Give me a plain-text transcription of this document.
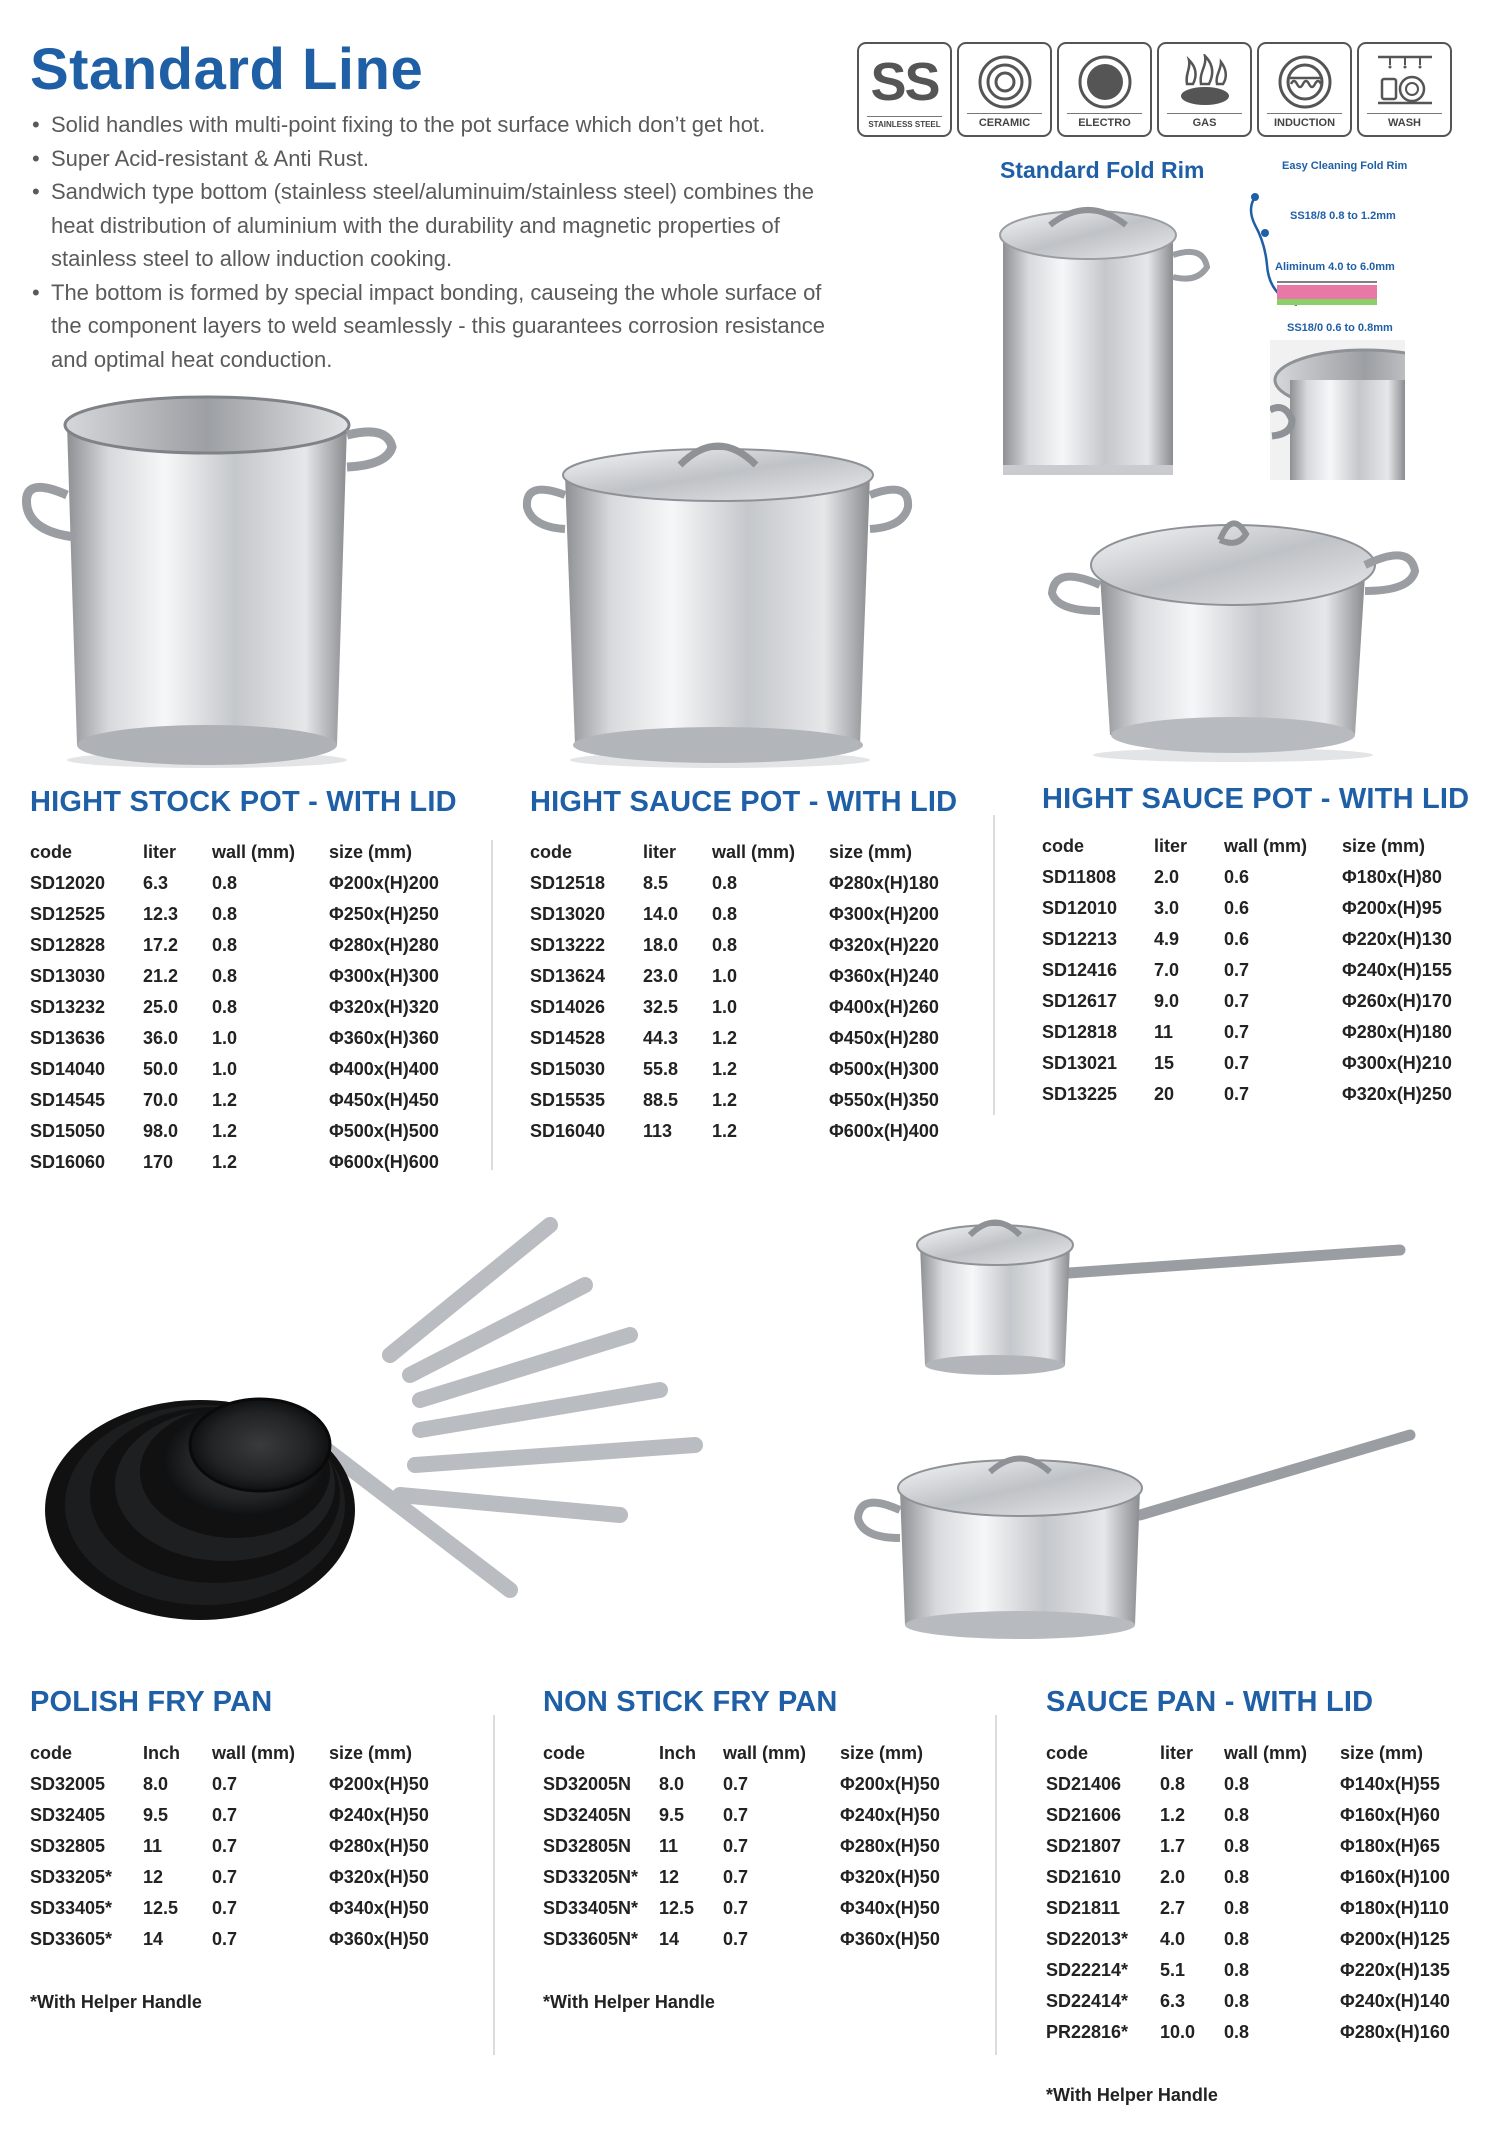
Standard Line
• Solid handles with multi-point fixing to the pot surface which don’t get hot.
• Super Acid-resistant & Anti Rust.
• Sandwich type bottom (stainless steel/aluminuim/stainless steel) combines the heat distribution of aluminium with the durability and magnetic properties of stainless steel to allow induction cooking.
• The bottom is formed by special impact bonding, causeing the whole surface of the component layers to weld seamlessly - this guarantees corrosion resistance and optimal heat conduction.
SS
STAINLESS STEEL	CERAMIC	ELECTRO	GAS	INDUCTION	WASH
Standard Fold Rim	Easy Cleaning Fold Rim
SS18/8 0.8 to 1.2mm
Aliminum 4.0 to 6.0mm
SS18/0 0.6 to 0.8mm
HIGHT STOCK POT - WITH LID
code	liter	wall (mm)	size (mm)
SD12020	6.3	0.8	Φ200x(H)200
SD12525	12.3	0.8	Φ250x(H)250
SD12828	17.2	0.8	Φ280x(H)280
SD13030	21.2	0.8	Φ300x(H)300
SD13232	25.0	0.8	Φ320x(H)320
SD13636	36.0	1.0	Φ360x(H)360
SD14040	50.0	1.0	Φ400x(H)400
SD14545	70.0	1.2	Φ450x(H)450
SD15050	98.0	1.2	Φ500x(H)500
SD16060	170	1.2	Φ600x(H)600
HIGHT SAUCE POT - WITH LID
code	liter	wall (mm)	size (mm)
SD12518	8.5	0.8	Φ280x(H)180
SD13020	14.0	0.8	Φ300x(H)200
SD13222	18.0	0.8	Φ320x(H)220
SD13624	23.0	1.0	Φ360x(H)240
SD14026	32.5	1.0	Φ400x(H)260
SD14528	44.3	1.2	Φ450x(H)280
SD15030	55.8	1.2	Φ500x(H)300
SD15535	88.5	1.2	Φ550x(H)350
SD16040	113	1.2	Φ600x(H)400
HIGHT SAUCE POT - WITH LID
code	liter	wall (mm)	size (mm)
SD11808	2.0	0.6	Φ180x(H)80
SD12010	3.0	0.6	Φ200x(H)95
SD12213	4.9	0.6	Φ220x(H)130
SD12416	7.0	0.7	Φ240x(H)155
SD12617	9.0	0.7	Φ260x(H)170
SD12818	11	0.7	Φ280x(H)180
SD13021	15	0.7	Φ300x(H)210
SD13225	20	0.7	Φ320x(H)250
POLISH FRY PAN
code	Inch	wall (mm)	size (mm)
SD32005	8.0	0.7	Φ200x(H)50
SD32405	9.5	0.7	Φ240x(H)50
SD32805	11	0.7	Φ280x(H)50
SD33205*	12	0.7	Φ320x(H)50
SD33405*	12.5	0.7	Φ340x(H)50
SD33605*	14	0.7	Φ360x(H)50
*With Helper Handle
NON STICK FRY PAN
code	Inch	wall (mm)	size (mm)
SD32005N	8.0	0.7	Φ200x(H)50
SD32405N	9.5	0.7	Φ240x(H)50
SD32805N	11	0.7	Φ280x(H)50
SD33205N*	12	0.7	Φ320x(H)50
SD33405N*	12.5	0.7	Φ340x(H)50
SD33605N*	14	0.7	Φ360x(H)50
*With Helper Handle
SAUCE PAN - WITH LID
code	liter	wall (mm)	size (mm)
SD21406	0.8	0.8	Φ140x(H)55
SD21606	1.2	0.8	Φ160x(H)60
SD21807	1.7	0.8	Φ180x(H)65
SD21610	2.0	0.8	Φ160x(H)100
SD21811	2.7	0.8	Φ180x(H)110
SD22013*	4.0	0.8	Φ200x(H)125
SD22214*	5.1	0.8	Φ220x(H)135
SD22414*	6.3	0.8	Φ240x(H)140
PR22816*	10.0	0.8	Φ280x(H)160
*With Helper Handle
